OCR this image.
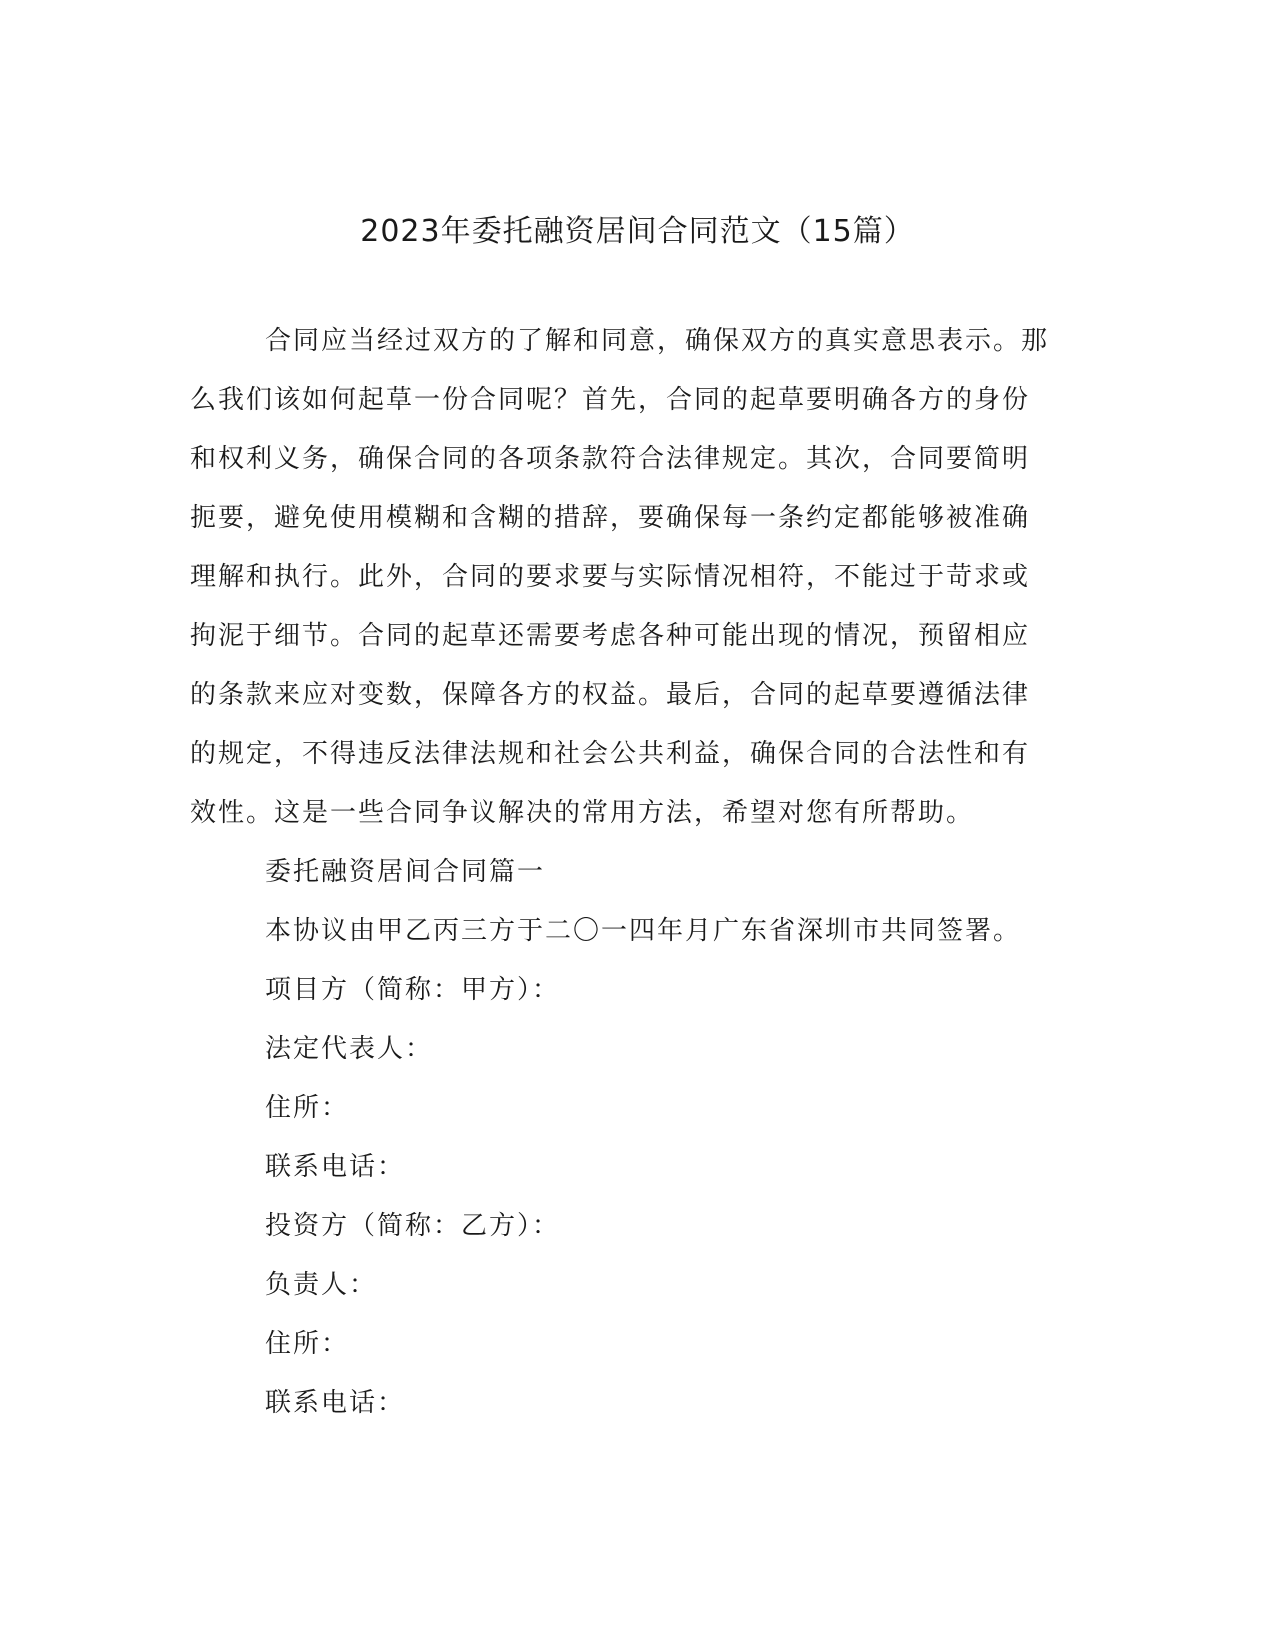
2023年委托融资居间合同范文（15篇）
合同应当经过双方的了解和同意，确保双方的真实意思表示。那
么我们该如何起草一份合同呢？首先，合同的起草要明确各方的身份
和权利义务，确保合同的各项条款符合法律规定。其次，合同要简明
扼要，避免使用模糊和含糊的措辞，要确保每一条约定都能够被准确
理解和执行。此外，合同的要求要与实际情况相符，不能过于苛求或
拘泥于细节。合同的起草还需要考虑各种可能出现的情况，预留相应
的条款来应对变数，保障各方的权益。最后，合同的起草要遵循法律
的规定，不得违反法律法规和社会公共利益，确保合同的合法性和有
效性。这是一些合同争议解决的常用方法，希望对您有所帮助。
委托融资居间合同篇一
本协议由甲乙丙三方于二〇一四年月广东省深圳市共同签署。
项目方（简称：甲方）：
法定代表人：
住所：
联系电话：
投资方（简称：乙方）：
负责人：
住所：
联系电话：
